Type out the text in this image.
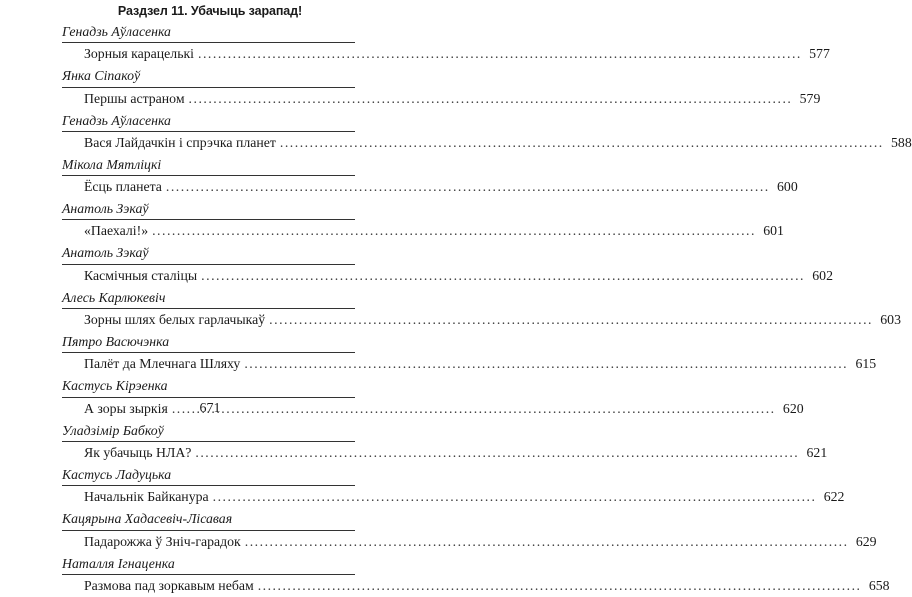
Раздзел 11. Убачыць зарапад!
Генадзь Аўласенка
Зорныя карацелькі .....	577
Янка Сіпакоў
Першы астраном .....	579
Генадзь Аўласенка
Вася Лайдачкін і спрэчка планет .....	588
Мікола Мятліцкі
Ёсць планета .....	600
Анатоль Зэкаў
«Паехалі!» .....	601
Анатоль Зэкаў
Касмічныя сталіцы .....	602
Алесь Карлюкевіч
Зорны шлях белых гарлачыкаў .....	603
Пятро Васючэнка
Палёт да Млечнага Шляху .....	615
Кастусь Кірэенка
А зоры зыркія .....	620
Уладзімір Бабкоў
Як убачыць НЛА? .....	621
Кастусь Ладуцька
Начальнік Байканура .....	622
Кацярына Хадасевіч-Лісавая
Падарожжа ў Зніч-гарадок .....	629
Наталля Ігнаценка
Размова пад зоркавым небам .....	658
671
